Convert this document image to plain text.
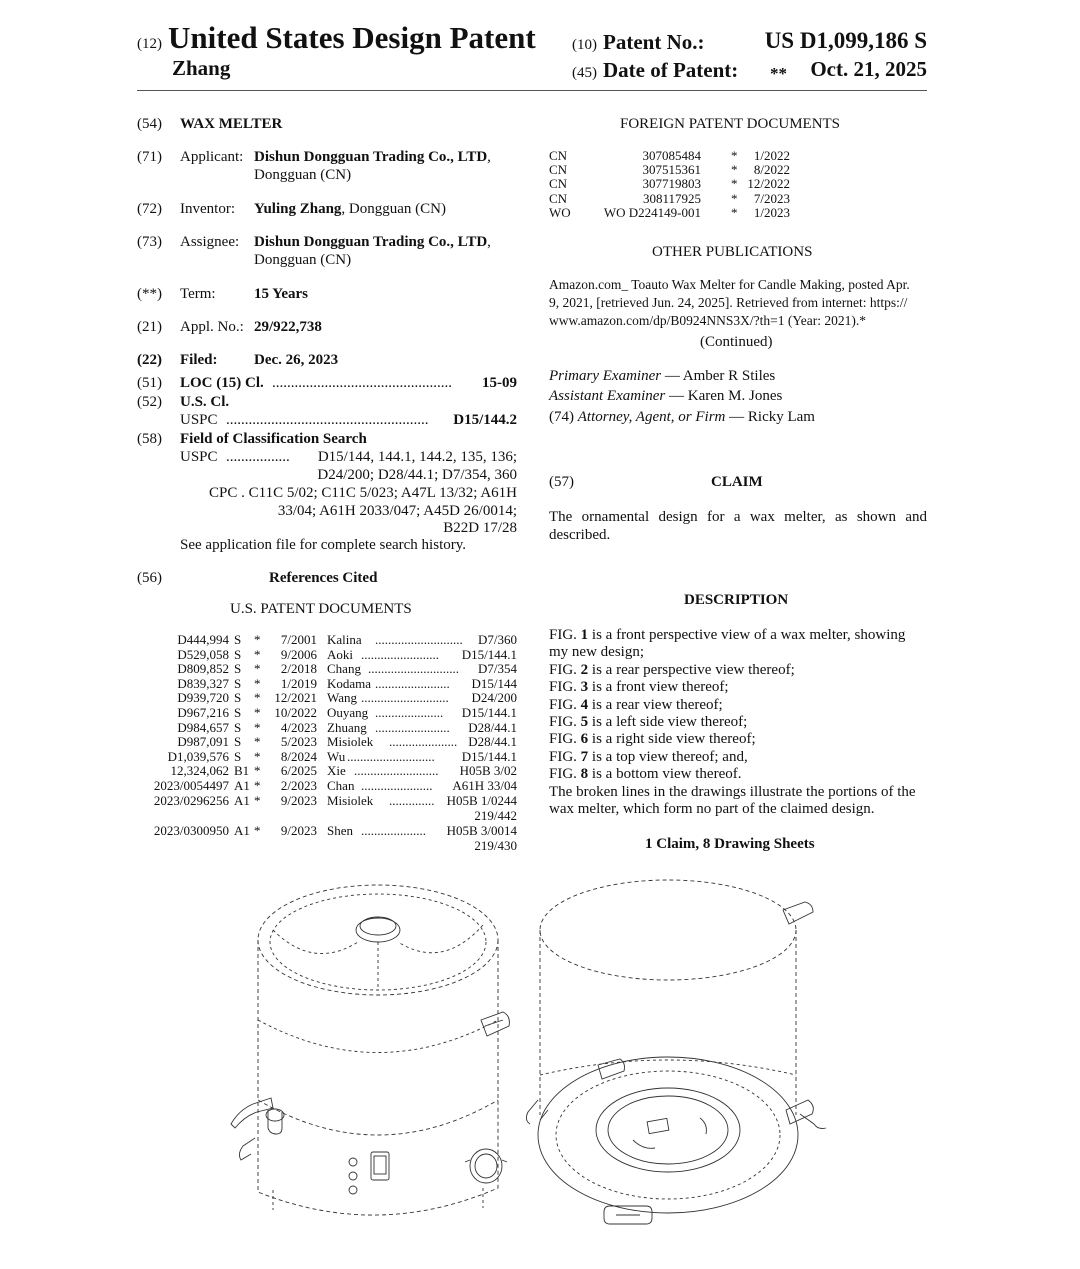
(12) United States Design Patent
Zhang
(10) Patent No.:	US D1,099,186 S
(45) Date of Patent: ** Oct. 21, 2025
(54) WAX MELTER
(71) Applicant: Dishun Dongguan Trading Co., LTD,
Dongguan (CN)
(72) Inventor: Yuling Zhang, Dongguan (CN)
(73) Assignee: Dishun Dongguan Trading Co., LTD,
Dongguan (CN)
(**) Term:	15 Years
(21) Appl. No.: 29/922,738
(22) Filed: Dec. 26, 2023
(51) LOC (15) Cl. ................................................	15-09
(52) U.S. Cl.
USPC ...................................................... D15/144.2
(58) Field of Classification Search
USPC .................	D15/144, 144.1, 144.2, 135, 136;
D24/200; D28/44.1; D7/354, 360
CPC . C11C 5/02; C11C 5/023; A47L 13/32; A61H
33/04; A61H 2033/047; A45D 26/0014;
B22D 17/28
See application file for complete search history.
(56)	References Cited
U.S. PATENT DOCUMENTS
D444,994 S * 7/2001 Kalina ........................... D7/360
D529,058 S * 9/2006 Aoki ........................ D15/144.1
D809,852 S * 2/2018 Chang ............................ D7/354
D839,327 S * 1/2019 Kodama ....................... D15/144
D939,720 S * 12/2021 Wang ........................... D24/200
D967,216 S * 10/2022 Ouyang ..................... D15/144.1
D984,657 S * 4/2023 Zhuang ....................... D28/44.1
D987,091 S * 5/2023 Misiolek ..................... D28/44.1
D1,039,576 S * 8/2024 Wu ........................... D15/144.1
12,324,062 B1 * 6/2025 Xie .......................... H05B 3/02
2023/0054497 A1 * 2/2023 Chan ...................... A61H 33/04
2023/0296256 A1 * 9/2023 Misiolek .............. H05B 1/0244
219/442
2023/0300950 A1 * 9/2023 Shen .................... H05B 3/0014
219/430
FOREIGN PATENT DOCUMENTS
CN	307085484 * 1/2022
CN	307515361 * 8/2022
CN	307719803 * 12/2022
CN	308117925 * 7/2023
WO	WO D224149-001 * 1/2023
OTHER PUBLICATIONS
Amazon.com_ Toauto Wax Melter for Candle Making, posted Apr.
9, 2021, [retrieved Jun. 24, 2025]. Retrieved from internet: https://
www.amazon.com/dp/B0924NNS3X/?th=1 (Year: 2021).*
(Continued)
Primary Examiner — Amber R Stiles
Assistant Examiner — Karen M. Jones
(74) Attorney, Agent, or Firm — Ricky Lam
(57)	CLAIM
The ornamental design for a wax melter, as shown and
described.
DESCRIPTION
FIG. 1 is a front perspective view of a wax melter, showing
my new design;
FIG. 2 is a rear perspective view thereof;
FIG. 3 is a front view thereof;
FIG. 4 is a rear view thereof;
FIG. 5 is a left side view thereof;
FIG. 6 is a right side view thereof;
FIG. 7 is a top view thereof; and,
FIG. 8 is a bottom view thereof.
The broken lines in the drawings illustrate the portions of the
wax melter, which form no part of the claimed design.
1 Claim, 8 Drawing Sheets
